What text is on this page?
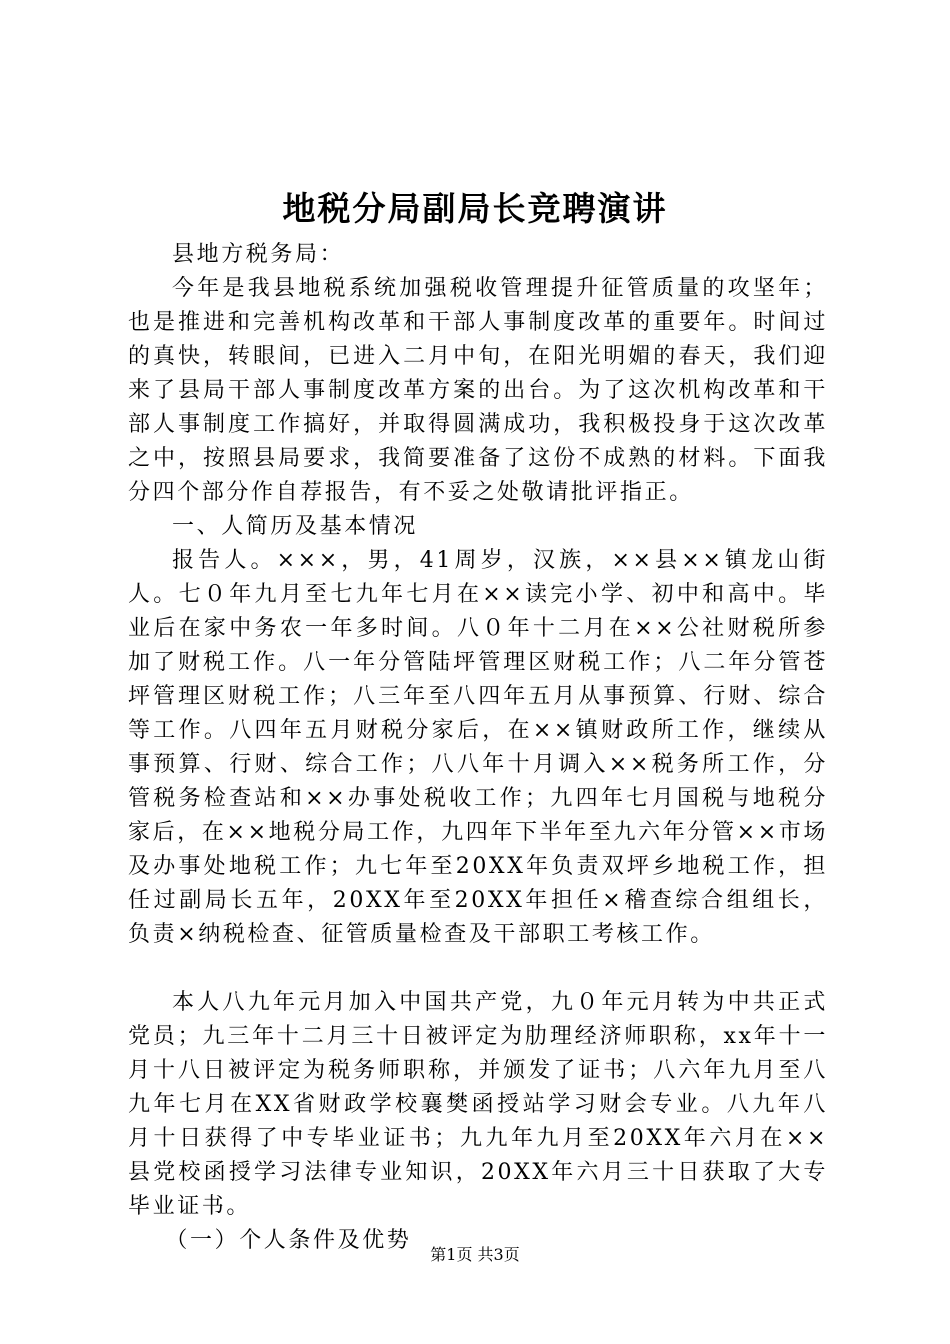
地税分局副局长竞聘演讲

县地方税务局：

今年是我县地税系统加强税收管理提升征管质量的攻坚年；也是推进和完善机构改革和干部人事制度改革的重要年。时间过的真快，转眼间，已进入二月中旬，在阳光明媚的春天，我们迎来了县局干部人事制度改革方案的出台。为了这次机构改革和干部人事制度工作搞好，并取得圆满成功，我积极投身于这次改革之中，按照县局要求，我简要准备了这份不成熟的材料。下面我分四个部分作自荐报告，有不妥之处敬请批评指正。

一、人简历及基本情况

报告人。×××，男，41周岁，汉族，××县××镇龙山街人。七０年九月至七九年七月在××读完小学、初中和高中。毕业后在家中务农一年多时间。八０年十二月在××公社财税所参加了财税工作。八一年分管陆坪管理区财税工作；八二年分管苍坪管理区财税工作；八三年至八四年五月从事预算、行财、综合等工作。八四年五月财税分家后，在××镇财政所工作，继续从事预算、行财、综合工作；八八年十月调入××税务所工作，分管税务检查站和××办事处税收工作；九四年七月国税与地税分家后，在××地税分局工作，九四年下半年至九六年分管××市场及办事处地税工作；九七年至20XX年负责双坪乡地税工作，担任过副局长五年，20XX年至20XX年担任×稽查综合组组长，负责×纳税检查、征管质量检查及干部职工考核工作。

本人八九年元月加入中国共产党，九０年元月转为中共正式党员；九三年十二月三十日被评定为肋理经济师职称，xx年十一月十八日被评定为税务师职称，并颁发了证书；八六年九月至八九年七月在XX省财政学校襄樊函授站学习财会专业。八九年八月十日获得了中专毕业证书；九九年九月至20XX年六月在××县党校函授学习法律专业知识，20XX年六月三十日获取了大专毕业证书。

（一）个人条件及优势

第1页 共3页
